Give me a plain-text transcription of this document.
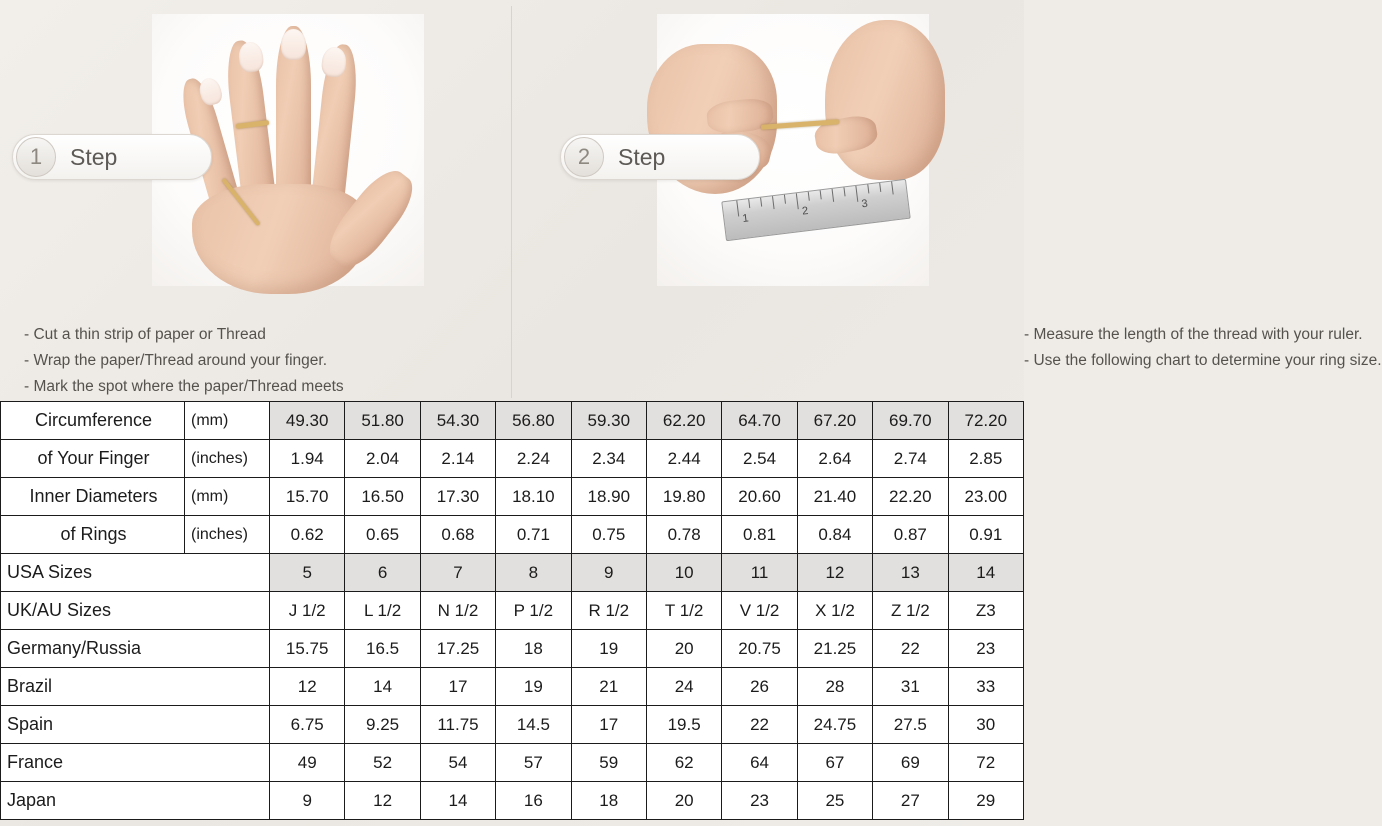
1	Step
- Cut a thin strip of paper or Thread
- Wrap the paper/Thread around your finger.
- Mark the spot where the paper/Thread meets
1
2
3
2	Step
- Measure the length of the thread with your ruler.
- Use the following chart to determine your ring size.
Circumference	(mm)	49.30	51.80	54.30	56.80	59.30	62.20	64.70	67.20	69.70	72.20
of Your Finger	(inches)	1.94	2.04	2.14	2.24	2.34	2.44	2.54	2.64	2.74	2.85
Inner Diameters	(mm)	15.70	16.50	17.30	18.10	18.90	19.80	20.60	21.40	22.20	23.00
of Rings	(inches)	0.62	0.65	0.68	0.71	0.75	0.78	0.81	0.84	0.87	0.91
USA Sizes		5	6	7	8	9	10	11	12	13	14
UK/AU Sizes		J 1/2	L 1/2	N 1/2	P 1/2	R 1/2	T 1/2	V 1/2	X 1/2	Z 1/2	Z3
Germany/Russia		15.75	16.5	17.25	18	19	20	20.75	21.25	22	23
Brazil		12	14	17	19	21	24	26	28	31	33
Spain		6.75	9.25	11.75	14.5	17	19.5	22	24.75	27.5	30
France		49	52	54	57	59	62	64	67	69	72
Japan		9	12	14	16	18	20	23	25	27	29
